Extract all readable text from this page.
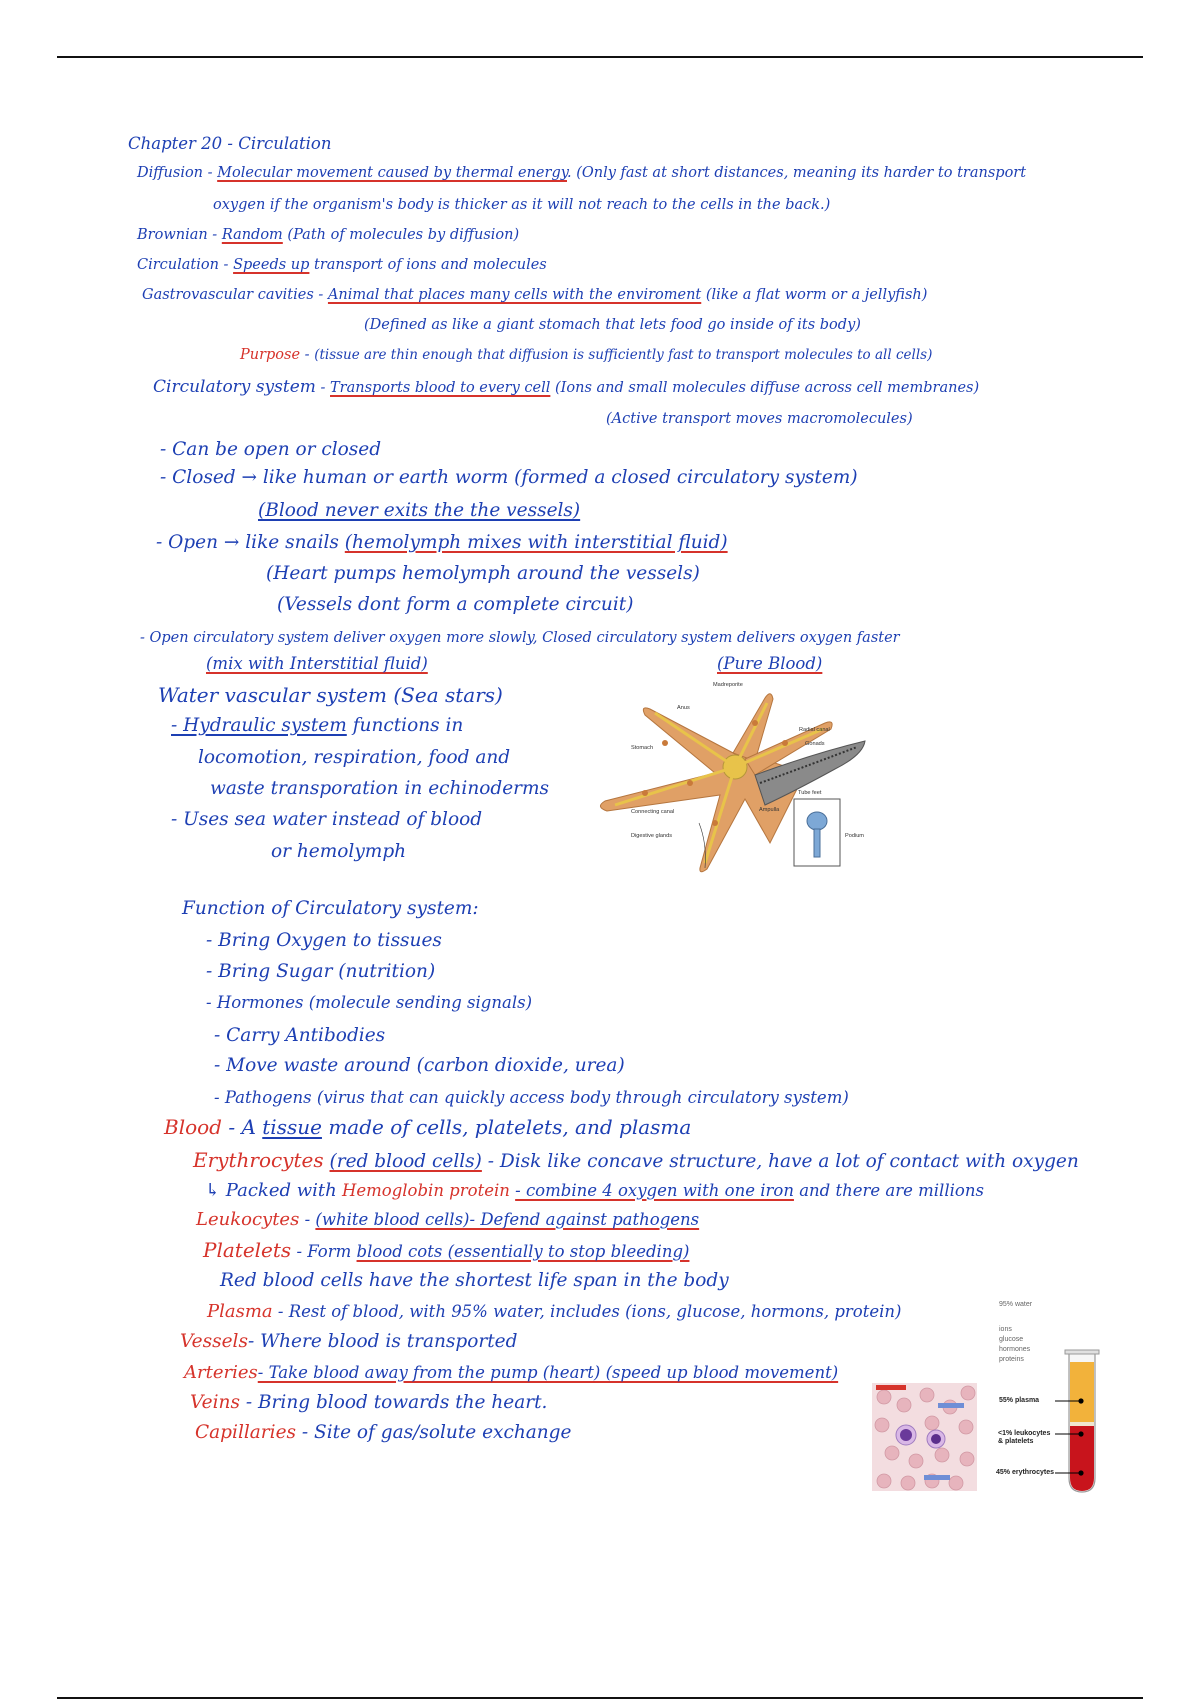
Chapter 20 - Circulation
Diffusion - Molecular movement caused by thermal energy. (Only fast at short distances, meaning its harder to transport
oxygen if the organism's body is thicker as it will not reach to the cells in the back.)
Brownian - Random (Path of molecules by diffusion)
Circulation - Speeds up transport of ions and molecules
Gastrovascular cavities - Animal that places many cells with the enviroment (like a flat worm or a jellyfish)
(Defined as like a giant stomach that lets food go inside of its body)
Purpose - (tissue are thin enough that diffusion is sufficiently fast to transport molecules to all cells)
Circulatory system - Transports blood to every cell (Ions and small molecules diffuse across cell membranes)
(Active transport moves macromolecules)
- Can be open or closed
- Closed → like human or earth worm (formed a closed circulatory system)
(Blood never exits the the vessels)
- Open → like snails (hemolymph mixes with interstitial fluid)
(Heart pumps hemolymph around the vessels)
(Vessels dont form a complete circuit)
- Open circulatory system deliver oxygen more slowly, Closed circulatory system delivers oxygen faster
(mix with Interstitial fluid)	(Pure Blood)
Water vascular system (Sea stars)
- Hydraulic system functions in
locomotion, respiration, food and
waste transporation in echinoderms
- Uses sea water instead of blood
or hemolymph
Madreporite
Anus
Radial canal
Gonads
Stomach
Tube feet
Ampulla
Podium
Connecting canal
Digestive glands
Function of Circulatory system:
- Bring Oxygen to tissues
- Bring Sugar (nutrition)
- Hormones (molecule sending signals)
- Carry Antibodies
- Move waste around (carbon dioxide, urea)
- Pathogens (virus that can quickly access body through circulatory system)
Blood - A tissue made of cells, platelets, and plasma
Erythrocytes (red blood cells) - Disk like concave structure, have a lot of contact with oxygen
↳ Packed with Hemoglobin protein - combine 4 oxygen with one iron and there are millions
Leukocytes - (white blood cells)- Defend against pathogens
Platelets - Form blood cots (essentially to stop bleeding)
Red blood cells have the shortest life span in the body
Plasma - Rest of blood, with 95% water, includes (ions, glucose, hormons, protein)
Vessels- Where blood is transported
Arteries- Take blood away from the pump (heart) (speed up blood movement)
Veins - Bring blood towards the heart.
Capillaries - Site of gas/solute exchange
95% water
ions
glucose
hormones
proteins
55% plasma
<1% leukocytes & platelets
45% erythrocytes
